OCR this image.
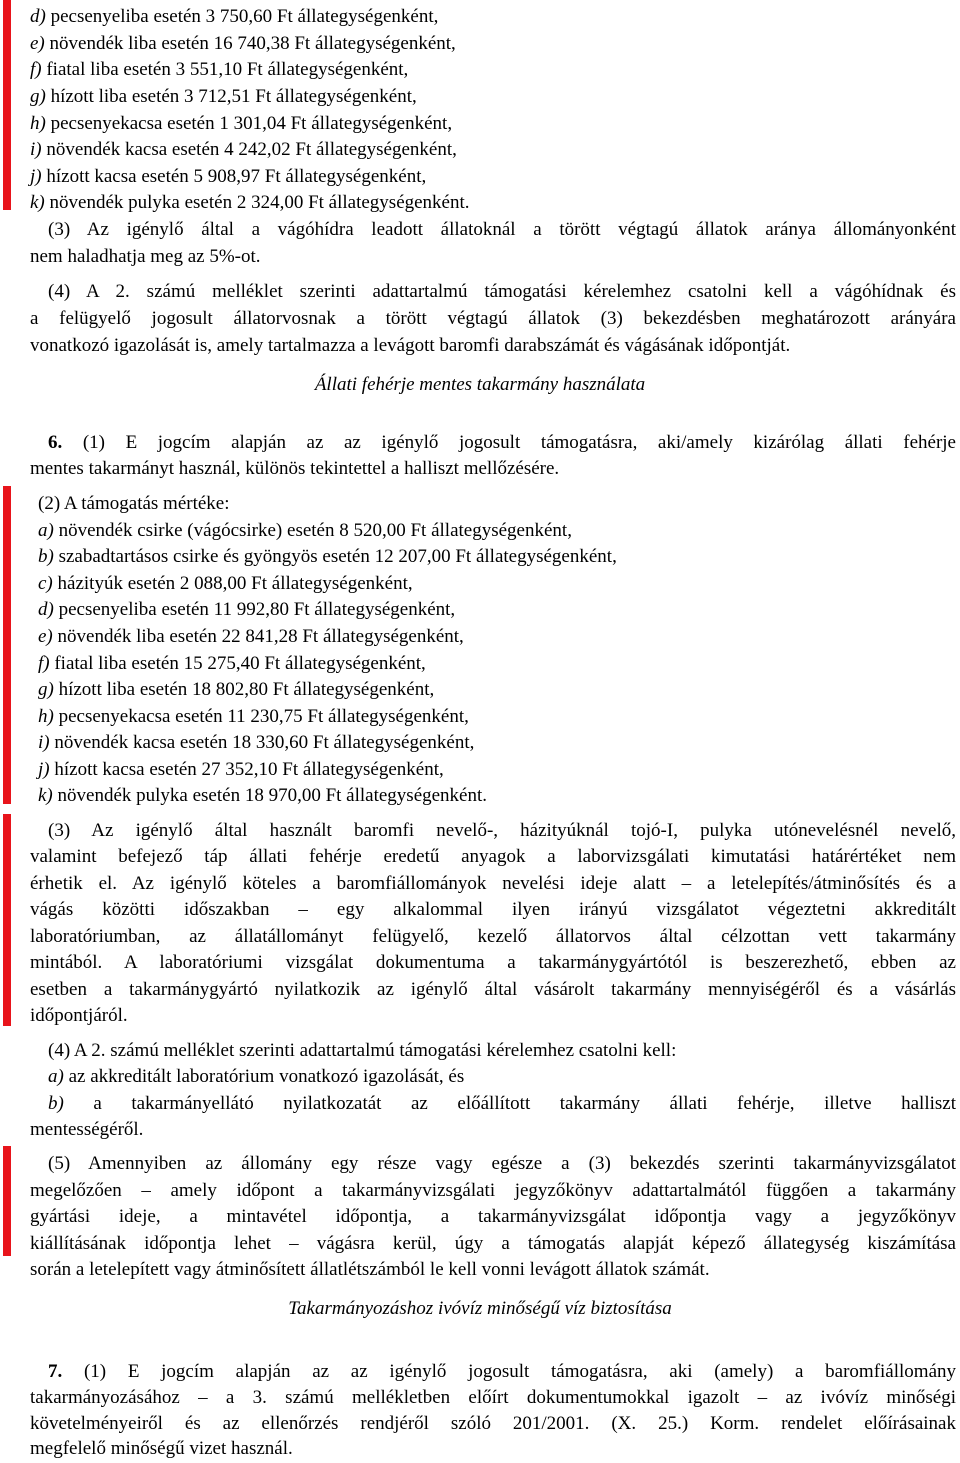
d) pecsenyeliba esetén 3 750,60 Ft állategységenként,
e) növendék liba esetén 16 740,38 Ft állategységenként,
f) fiatal liba esetén 3 551,10 Ft állategységenként,
g) hízott liba esetén 3 712,51 Ft állategységenként,
h) pecsenyekacsa esetén 1 301,04 Ft állategységenként,
i) növendék kacsa esetén 4 242,02 Ft állategységenként,
j) hízott kacsa esetén 5 908,97 Ft állategységenként,
k) növendék pulyka esetén 2 324,00 Ft állategységenként.
(3) Az igénylő által a vágóhídra leadott állatoknál a törött végtagú állatok aránya állományonként
nem haladhatja meg az 5%-ot.
(4) A 2. számú melléklet szerinti adattartalmú támogatási kérelemhez csatolni kell a vágóhídnak és
a felügyelő jogosult állatorvosnak a törött végtagú állatok (3) bekezdésben meghatározott arányára
vonatkozó igazolását is, amely tartalmazza a levágott baromfi darabszámát és vágásának időpontját.
Állati fehérje mentes takarmány használata
6. (1) E jogcím alapján az az igénylő jogosult támogatásra, aki/amely kizárólag állati fehérje
mentes takarmányt használ, különös tekintettel a halliszt mellőzésére.
(2) A támogatás mértéke:
a) növendék csirke (vágócsirke) esetén 8 520,00 Ft állategységenként,
b) szabadtartásos csirke és gyöngyös esetén 12 207,00 Ft állategységenként,
c) házityúk esetén 2 088,00 Ft állategységenként,
d) pecsenyeliba esetén 11 992,80 Ft állategységenként,
e) növendék liba esetén 22 841,28 Ft állategységenként,
f) fiatal liba esetén 15 275,40 Ft állategységenként,
g) hízott liba esetén 18 802,80 Ft állategységenként,
h) pecsenyekacsa esetén 11 230,75 Ft állategységenként,
i) növendék kacsa esetén 18 330,60 Ft állategységenként,
j) hízott kacsa esetén 27 352,10 Ft állategységenként,
k) növendék pulyka esetén 18 970,00 Ft állategységenként.
(3) Az igénylő által használt baromfi nevelő-, házityúknál tojó-I, pulyka utónevelésnél nevelő,
valamint befejező táp állati fehérje eredetű anyagok a laborvizsgálati kimutatási határértéket nem
érhetik el. Az igénylő köteles a baromfiállományok nevelési ideje alatt – a letelepítés/átminősítés és a
vágás közötti időszakban – egy alkalommal ilyen irányú vizsgálatot végeztetni akkreditált
laboratóriumban, az állatállományt felügyelő, kezelő állatorvos által célzottan vett takarmány
mintából. A laboratóriumi vizsgálat dokumentuma a takarmánygyártótól is beszerezhető, ebben az
esetben a takarmánygyártó nyilatkozik az igénylő által vásárolt takarmány mennyiségéről és a vásárlás
időpontjáról.
(4) A 2. számú melléklet szerinti adattartalmú támogatási kérelemhez csatolni kell:
a) az akkreditált laboratórium vonatkozó igazolását, és
b) a takarmányellátó nyilatkozatát az előállított takarmány állati fehérje, illetve halliszt
mentességéről.
(5) Amennyiben az állomány egy része vagy egésze a (3) bekezdés szerinti takarmányvizsgálatot
megelőzően – amely időpont a takarmányvizsgálati jegyzőkönyv adattartalmától függően a takarmány
gyártási ideje, a mintavétel időpontja, a takarmányvizsgálat időpontja vagy a jegyzőkönyv
kiállításának időpontja lehet – vágásra kerül, úgy a támogatás alapját képező állategység kiszámítása
során a letelepített vagy átminősített állatlétszámból le kell vonni levágott állatok számát.
Takarmányozáshoz ivóvíz minőségű víz biztosítása
7. (1) E jogcím alapján az az igénylő jogosult támogatásra, aki (amely) a baromfiállomány
takarmányozásához – a 3. számú mellékletben előírt dokumentumokkal igazolt – az ivóvíz minőségi
követelményeiről és az ellenőrzés rendjéről szóló 201/2001. (X. 25.) Korm. rendelet előírásainak
megfelelő minőségű vizet használ.
